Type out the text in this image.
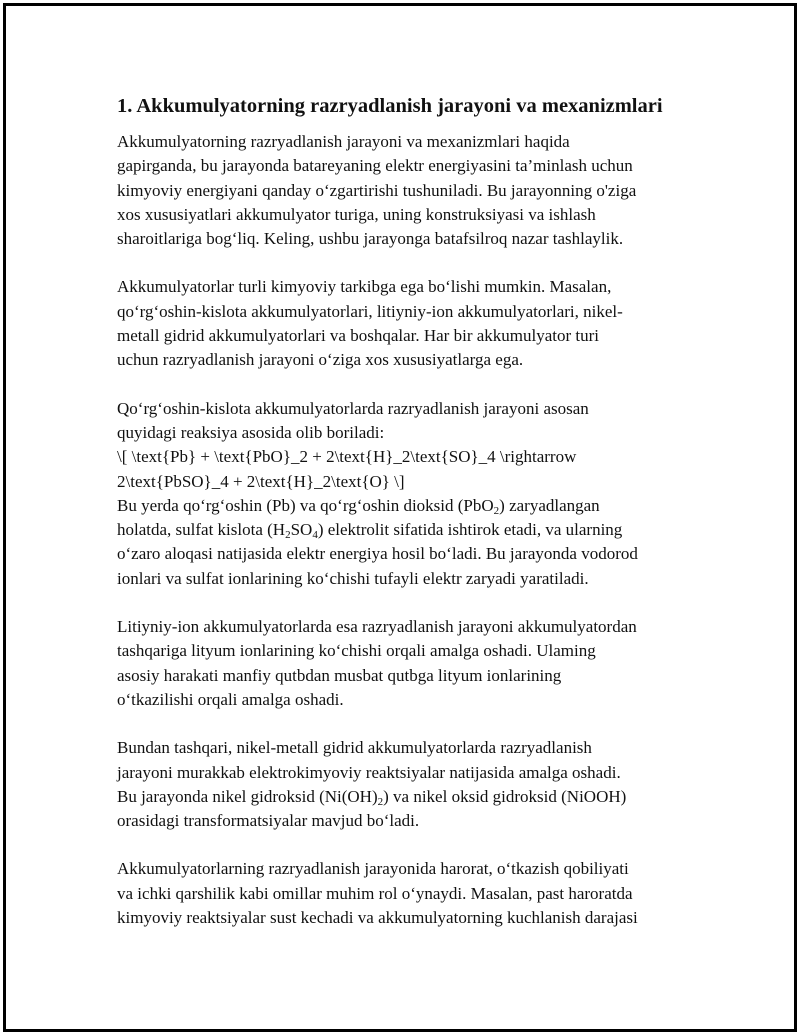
1. Akkumulyatorning razryadlanish jarayoni va mexanizmlari

Akkumulyatorning razryadlanish jarayoni va mexanizmlari haqida
gapirganda, bu jarayonda batareyaning elektr energiyasini ta’minlash uchun
kimyoviy energiyani qanday o‘zgartirishi tushuniladi. Bu jarayonning o'ziga
xos xususiyatlari akkumulyator turiga, uning konstruksiyasi va ishlash
sharoitlariga bog‘liq. Keling, ushbu jarayonga batafsilroq nazar tashlaylik.

Akkumulyatorlar turli kimyoviy tarkibga ega bo‘lishi mumkin. Masalan,
qo‘rg‘oshin-kislota akkumulyatorlari, litiyniy-ion akkumulyatorlari, nikel-
metall gidrid akkumulyatorlari va boshqalar. Har bir akkumulyator turi
uchun razryadlanish jarayoni o‘ziga xos xususiyatlarga ega.

Qo‘rg‘oshin-kislota akkumulyatorlarda razryadlanish jarayoni asosan
quyidagi reaksiya asosida olib boriladi:
\[ \text{Pb} + \text{PbO}_2 + 2\text{H}_2\text{SO}_4 \rightarrow
2\text{PbSO}_4 + 2\text{H}_2\text{O} \]
Bu yerda qo‘rg‘oshin (Pb) va qo‘rg‘oshin dioksid (PbO$_2$) zaryadlangan
holatda, sulfat kislota $(H_2SO_4)$ elektrolit sifatida ishtirok etadi, va ularning
o‘zaro aloqasi natijasida elektr energiya hosil bo‘ladi. Bu jarayonda vodorod
ionlari va sulfat ionlarining ko‘chishi tufayli elektr zaryadi yaratiladi.

Litiyniy-ion akkumulyatorlarda esa razryadlanish jarayoni akkumulyatordan
tashqariga lityum ionlarining ko‘chishi orqali amalga oshadi. Ulaming
asosiy harakati manfiy qutbdan musbat qutbga lityum ionlarining
o‘tkazilishi orqali amalga oshadi.

Bundan tashqari, nikel-metall gidrid akkumulyatorlarda razryadlanish
jarayoni murakkab elektrokimyoviy reaktsiyalar natijasida amalga oshadi.
Bu jarayonda nikel gidroksid $(Ni(OH)_2)$ va nikel oksid gidroksid (NiOOH)
orasidagi transformatsiyalar mavjud bo‘ladi.

Akkumulyatorlarning razryadlanish jarayonida harorat, o‘tkazish qobiliyati
va ichki qarshilik kabi omillar muhim rol o‘ynaydi. Masalan, past haroratda
kimyoviy reaktsiyalar sust kechadi va akkumulyatorning kuchlanish darajasi
